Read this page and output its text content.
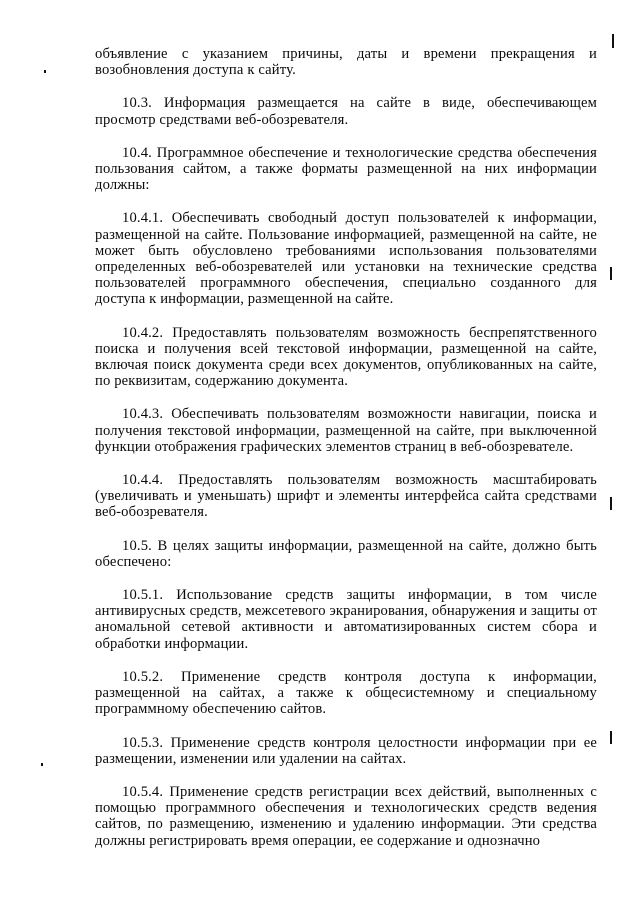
объявление с указанием причины, даты и времени прекращения и возобновления доступа к сайту.

10.3. Информация размещается на сайте в виде, обеспечивающем просмотр средствами веб-обозревателя.

10.4. Программное обеспечение и технологические средства обеспечения пользования сайтом, а также форматы размещенной на них информации должны:

10.4.1. Обеспечивать свободный доступ пользователей к информации, размещенной на сайте. Пользование информацией, размещенной на сайте, не может быть обусловлено требованиями использования пользователями определенных веб-обозревателей или установки на технические средства пользователей программного обеспечения, специально созданного для доступа к информации, размещенной на сайте.

10.4.2. Предоставлять пользователям возможность беспрепятственного поиска и получения всей текстовой информации, размещенной на сайте, включая поиск документа среди всех документов, опубликованных на сайте, по реквизитам, содержанию документа.

10.4.3. Обеспечивать пользователям возможности навигации, поиска и получения текстовой информации, размещенной на сайте, при выключенной функции отображения графических элементов страниц в веб-обозревателе.

10.4.4. Предоставлять пользователям возможность масштабировать (увеличивать и уменьшать) шрифт и элементы интерфейса сайта средствами веб-обозревателя.

10.5. В целях защиты информации, размещенной на сайте, должно быть обеспечено:

10.5.1. Использование средств защиты информации, в том числе антивирусных средств, межсетевого экранирования, обнаружения и защиты от аномальной сетевой активности и автоматизированных систем сбора и обработки информации.

10.5.2. Применение средств контроля доступа к информации, размещенной на сайтах, а также к общесистемному и специальному программному обеспечению сайтов.

10.5.3. Применение средств контроля целостности информации при ее размещении, изменении или удалении на сайтах.

10.5.4. Применение средств регистрации всех действий, выполненных с помощью программного обеспечения и технологических средств ведения сайтов, по размещению, изменению и удалению информации. Эти средства должны регистрировать время операции, ее содержание и однозначно
